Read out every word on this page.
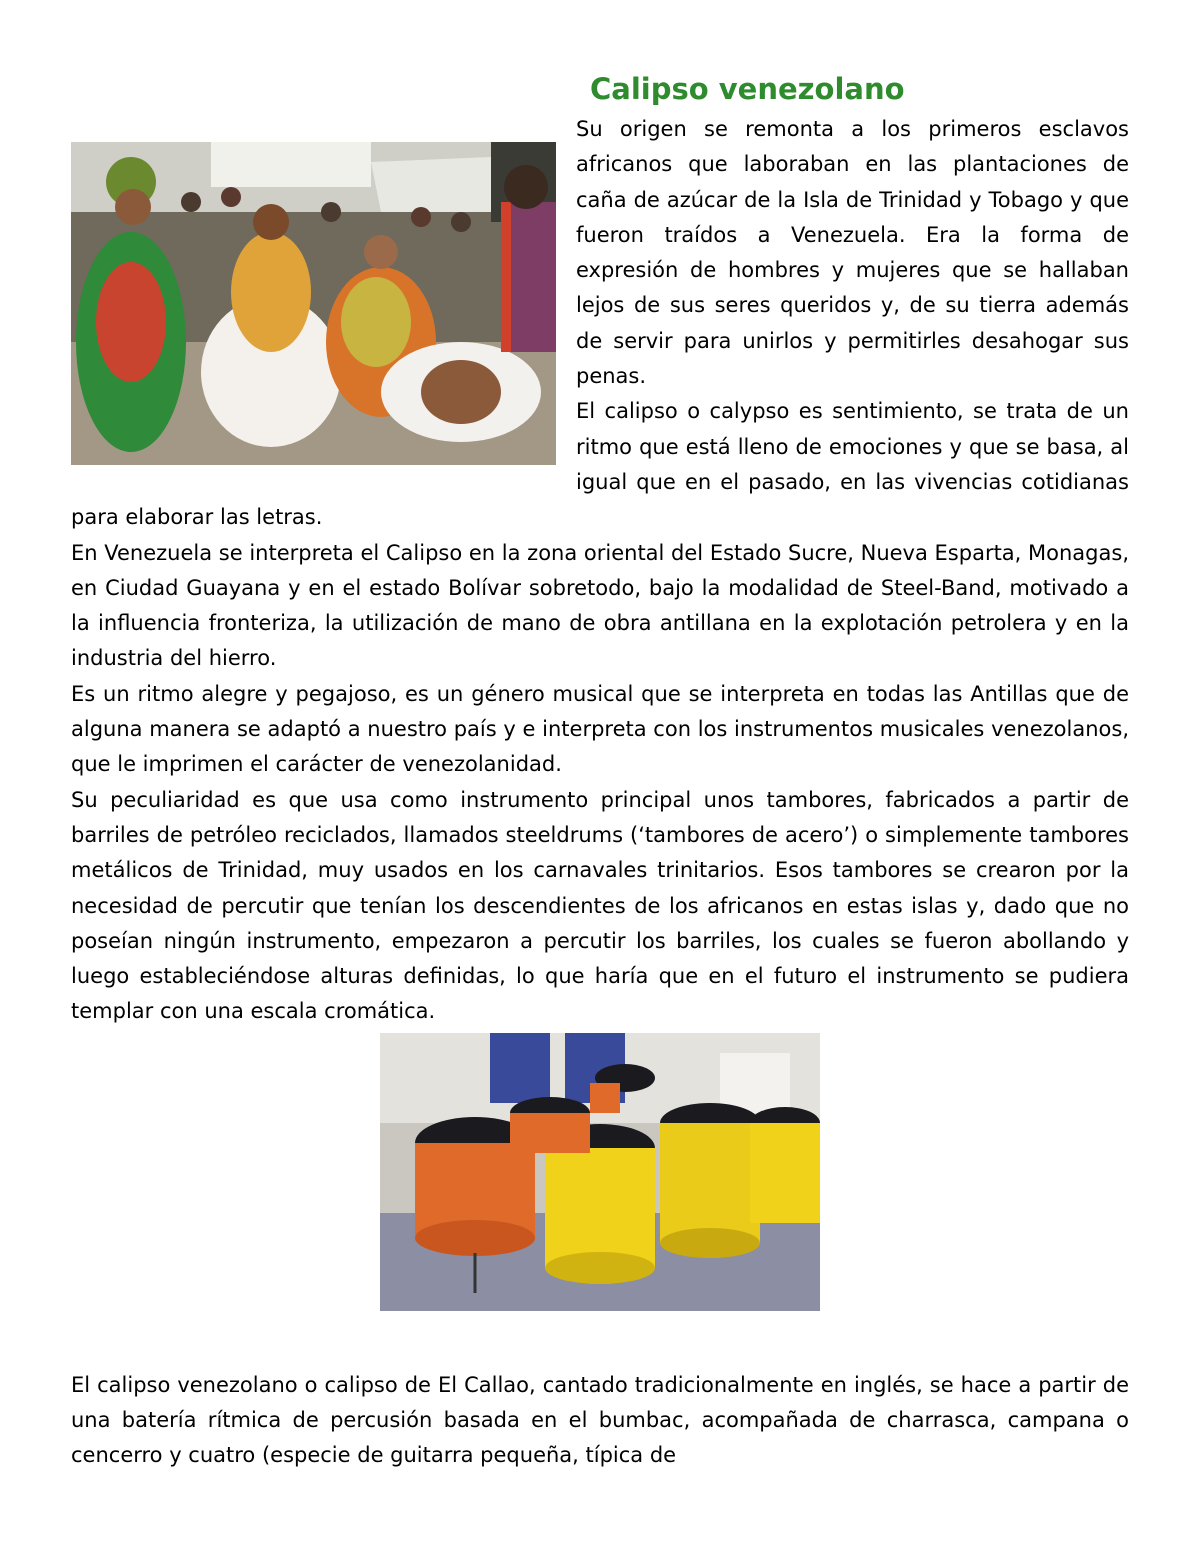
Calipso venezolano

Su origen se remonta a los primeros esclavos africanos que laboraban en las plantaciones de caña de azúcar de la Isla de Trinidad y Tobago y que fueron traídos a Venezuela. Era la forma de expresión de hombres y mujeres que se hallaban lejos de sus seres queridos y, de su tierra además de servir para unirlos y permitirles desahogar sus penas.

El calipso o calypso es sentimiento, se trata de un ritmo que está lleno de emociones y que se basa, al igual que en el pasado, en las vivencias cotidianas para elaborar las letras.

En Venezuela se interpreta el Calipso en la zona oriental del Estado Sucre, Nueva Esparta, Monagas, en Ciudad Guayana y en el estado Bolívar sobretodo, bajo la modalidad de Steel-Band, motivado a la influencia fronteriza, la utilización de mano de obra antillana en la explotación petrolera y en la industria del hierro.

Es un ritmo alegre y pegajoso, es un género musical que se interpreta en todas las Antillas que de alguna manera se adaptó a nuestro país y e interpreta con los instrumentos musicales venezolanos, que le imprimen el carácter de venezolanidad.

Su peculiaridad es que usa como instrumento principal unos tambores, fabricados a partir de barriles de petróleo reciclados, llamados steeldrums (‘tambores de acero’) o simplemente tambores metálicos de Trinidad, muy usados en los carnavales trinitarios. Esos tambores se crearon por la necesidad de percutir que tenían los descendientes de los africanos en estas islas y, dado que no poseían ningún instrumento, empezaron a percutir los barriles, los cuales se fueron abollando y luego estableciéndose alturas definidas, lo que haría que en el futuro el instrumento se pudiera templar con una escala cromática.

El calipso venezolano o calipso de El Callao, cantado tradicionalmente en inglés, se hace a partir de una batería rítmica de percusión basada en el bumbac, acompañada de charrasca, campana o cencerro y cuatro (especie de guitarra pequeña, típica de
